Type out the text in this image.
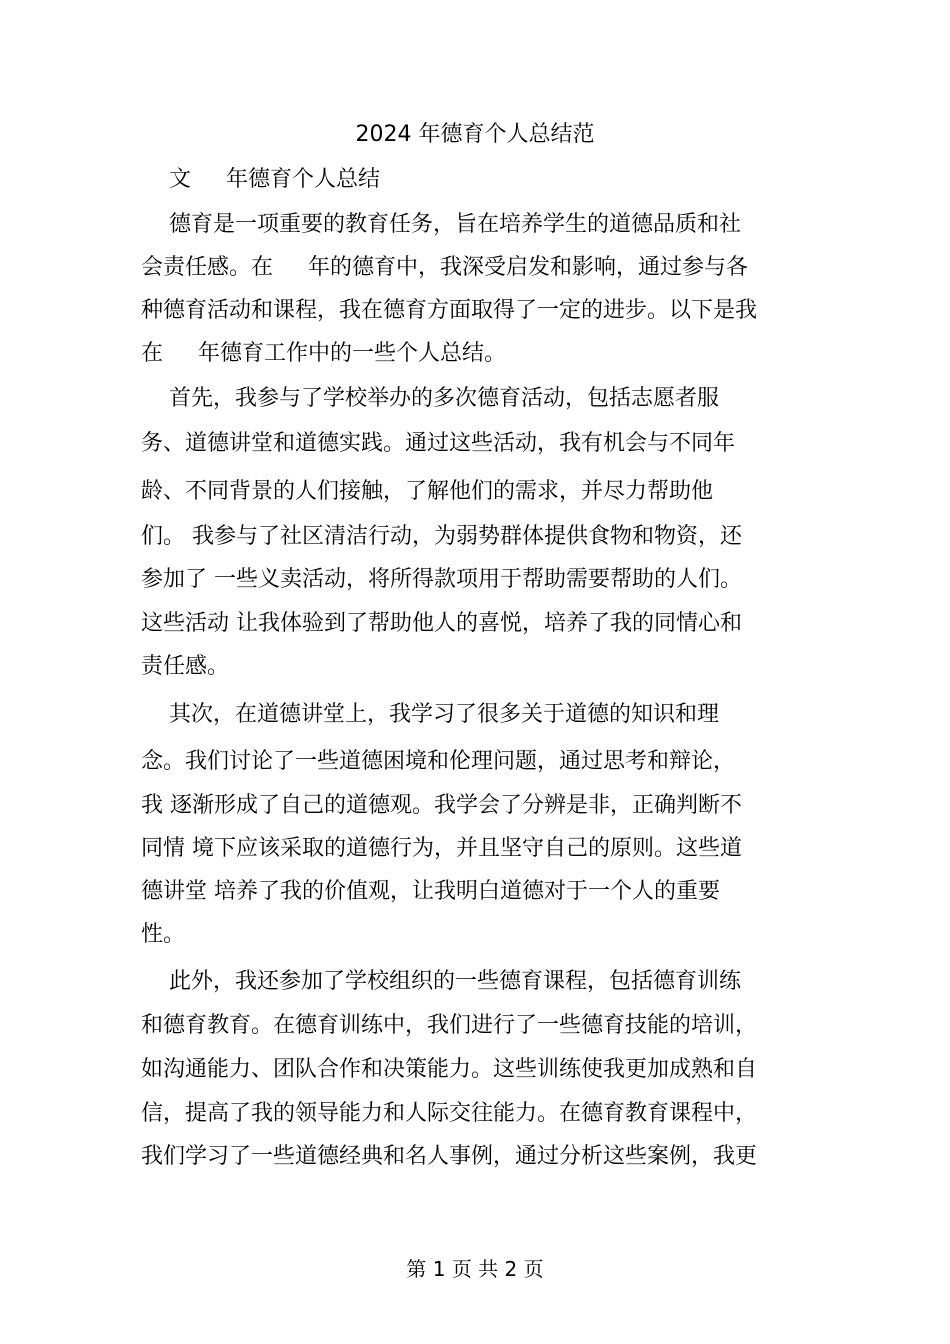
2024 年德育个人总结范
文     年德育个人总结
德育是一项重要的教育任务，旨在培养学生的道德品质和社
会责任感。在     年的德育中，我深受启发和影响，通过参与各
种德育活动和课程，我在德育方面取得了一定的进步。以下是我
在     年德育工作中的一些个人总结。
首先，我参与了学校举办的多次德育活动，包括志愿者服
务、道德讲堂和道德实践。通过这些活动，我有机会与不同年
龄、不同背景的人们接触，了解他们的需求，并尽力帮助他
们。 我参与了社区清洁行动，为弱势群体提供食物和物资，还
参加了 一些义卖活动，将所得款项用于帮助需要帮助的人们。
这些活动 让我体验到了帮助他人的喜悦，培养了我的同情心和
责任感。
其次，在道德讲堂上，我学习了很多关于道德的知识和理
念。我们讨论了一些道德困境和伦理问题，通过思考和辩论，
我 逐渐形成了自己的道德观。我学会了分辨是非，正确判断不
同情 境下应该采取的道德行为，并且坚守自己的原则。这些道
德讲堂 培养了我的价值观，让我明白道德对于一个人的重要
性。
此外，我还参加了学校组织的一些德育课程，包括德育训练
和德育教育。在德育训练中，我们进行了一些德育技能的培训，
如沟通能力、团队合作和决策能力。这些训练使我更加成熟和自
信，提高了我的领导能力和人际交往能力。在德育教育课程中，
我们学习了一些道德经典和名人事例，通过分析这些案例，我更
第 1 页 共 2 页
